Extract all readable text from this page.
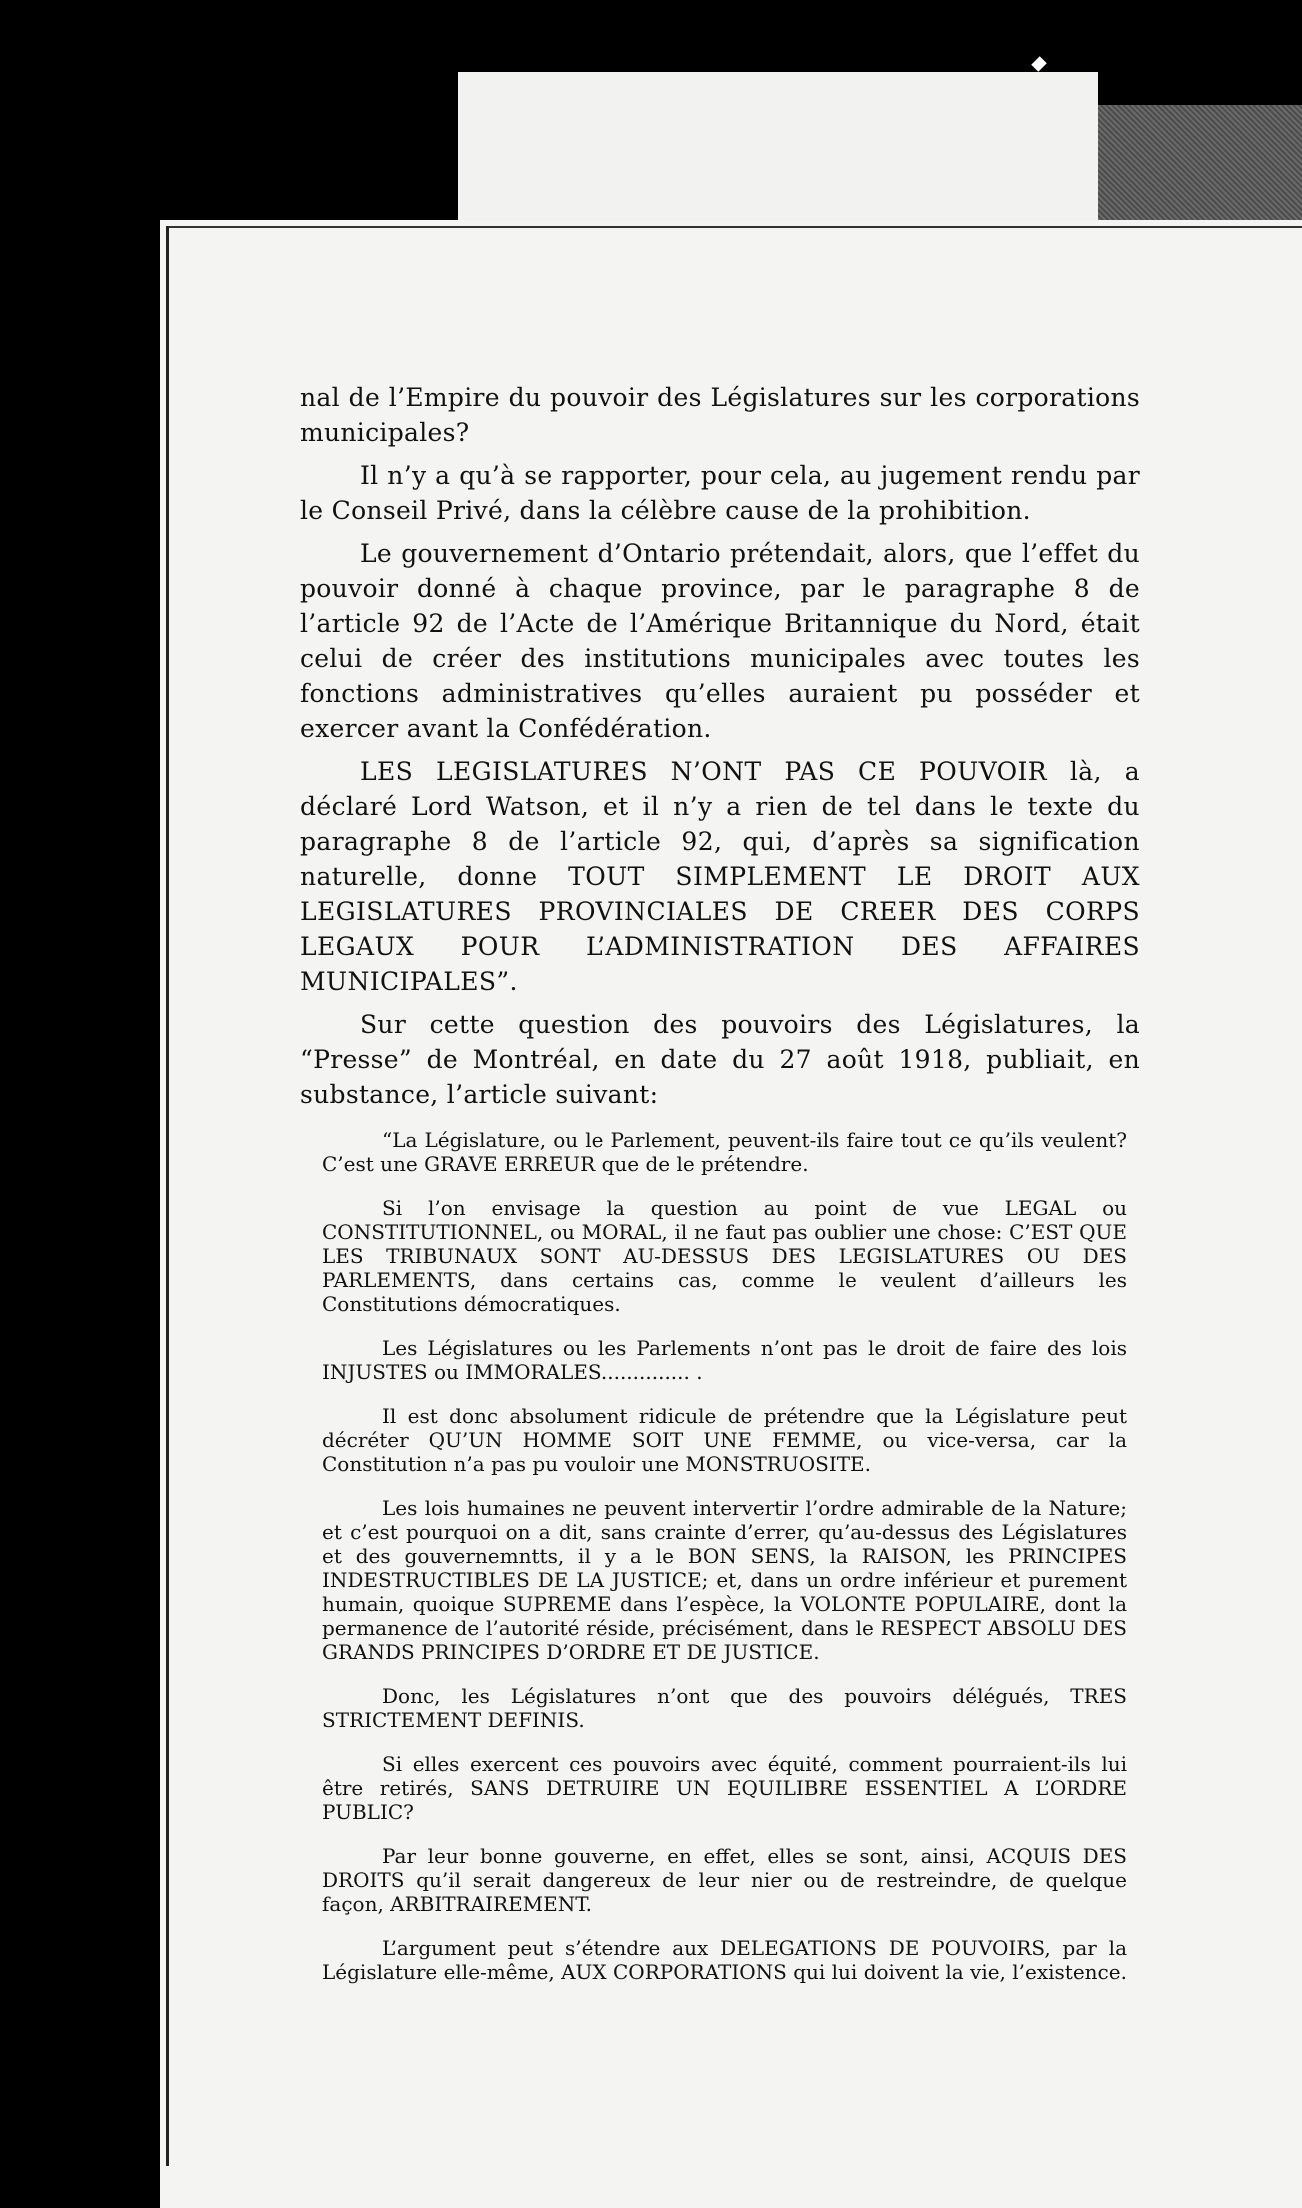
nal de l’Empire du pouvoir des Législatures sur les corporations municipales?

Il n’y a qu’à se rapporter, pour cela, au jugement rendu par le Conseil Privé, dans la célèbre cause de la prohibition.

Le gouvernement d’Ontario prétendait, alors, que l’effet du pouvoir donné à chaque province, par le paragraphe 8 de l’article 92 de l’Acte de l’Amérique Britannique du Nord, était celui de créer des institutions municipales avec toutes les fonctions administratives qu’elles auraient pu posséder et exercer avant la Confédération.

LES LEGISLATURES N’ONT PAS CE POUVOIR là, a déclaré Lord Watson, et il n’y a rien de tel dans le texte du paragraphe 8 de l’article 92, qui, d’après sa signification naturelle, donne TOUT SIMPLEMENT LE DROIT AUX LEGISLATURES PROVINCIALES DE CREER DES CORPS LEGAUX POUR L’ADMINISTRATION DES AFFAIRES MUNICIPALES”.

Sur cette question des pouvoirs des Législatures, la “Presse” de Montréal, en date du 27 août 1918, publiait, en substance, l’article suivant:

“La Législature, ou le Parlement, peuvent-ils faire tout ce qu’ils veulent? C’est une GRAVE ERREUR que de le prétendre.

Si l’on envisage la question au point de vue LEGAL ou CONSTITUTIONNEL, ou MORAL, il ne faut pas oublier une chose: C’EST QUE LES TRIBUNAUX SONT AU-DESSUS DES LEGISLATURES OU DES PARLEMENTS, dans certains cas, comme le veulent d’ailleurs les Constitutions démocratiques.

Les Législatures ou les Parlements n’ont pas le droit de faire des lois INJUSTES ou IMMORALES.............. .

Il est donc absolument ridicule de prétendre que la Législature peut décréter QU’UN HOMME SOIT UNE FEMME, ou vice-versa, car la Constitution n’a pas pu vouloir une MONSTRUOSITE.

Les lois humaines ne peuvent intervertir l’ordre admirable de la Nature; et c’est pourquoi on a dit, sans crainte d’errer, qu’au-dessus des Législatures et des gouvernemntts, il y a le BON SENS, la RAISON, les PRINCIPES INDESTRUCTIBLES DE LA JUSTICE; et, dans un ordre inférieur et purement humain, quoique SUPREME dans l’espèce, la VOLONTE POPULAIRE, dont la permanence de l’autorité réside, précisément, dans le RESPECT ABSOLU DES GRANDS PRINCIPES D’ORDRE ET DE JUSTICE.

Donc, les Législatures n’ont que des pouvoirs délégués, TRES STRICTEMENT DEFINIS.

Si elles exercent ces pouvoirs avec équité, comment pourraient-ils lui être retirés, SANS DETRUIRE UN EQUILIBRE ESSENTIEL A L’ORDRE PUBLIC?

Par leur bonne gouverne, en effet, elles se sont, ainsi, ACQUIS DES DROITS qu’il serait dangereux de leur nier ou de restreindre, de quelque façon, ARBITRAIREMENT.

L’argument peut s’étendre aux DELEGATIONS DE POUVOIRS, par la Législature elle-même, AUX CORPORATIONS qui lui doivent la vie, l’existence.
